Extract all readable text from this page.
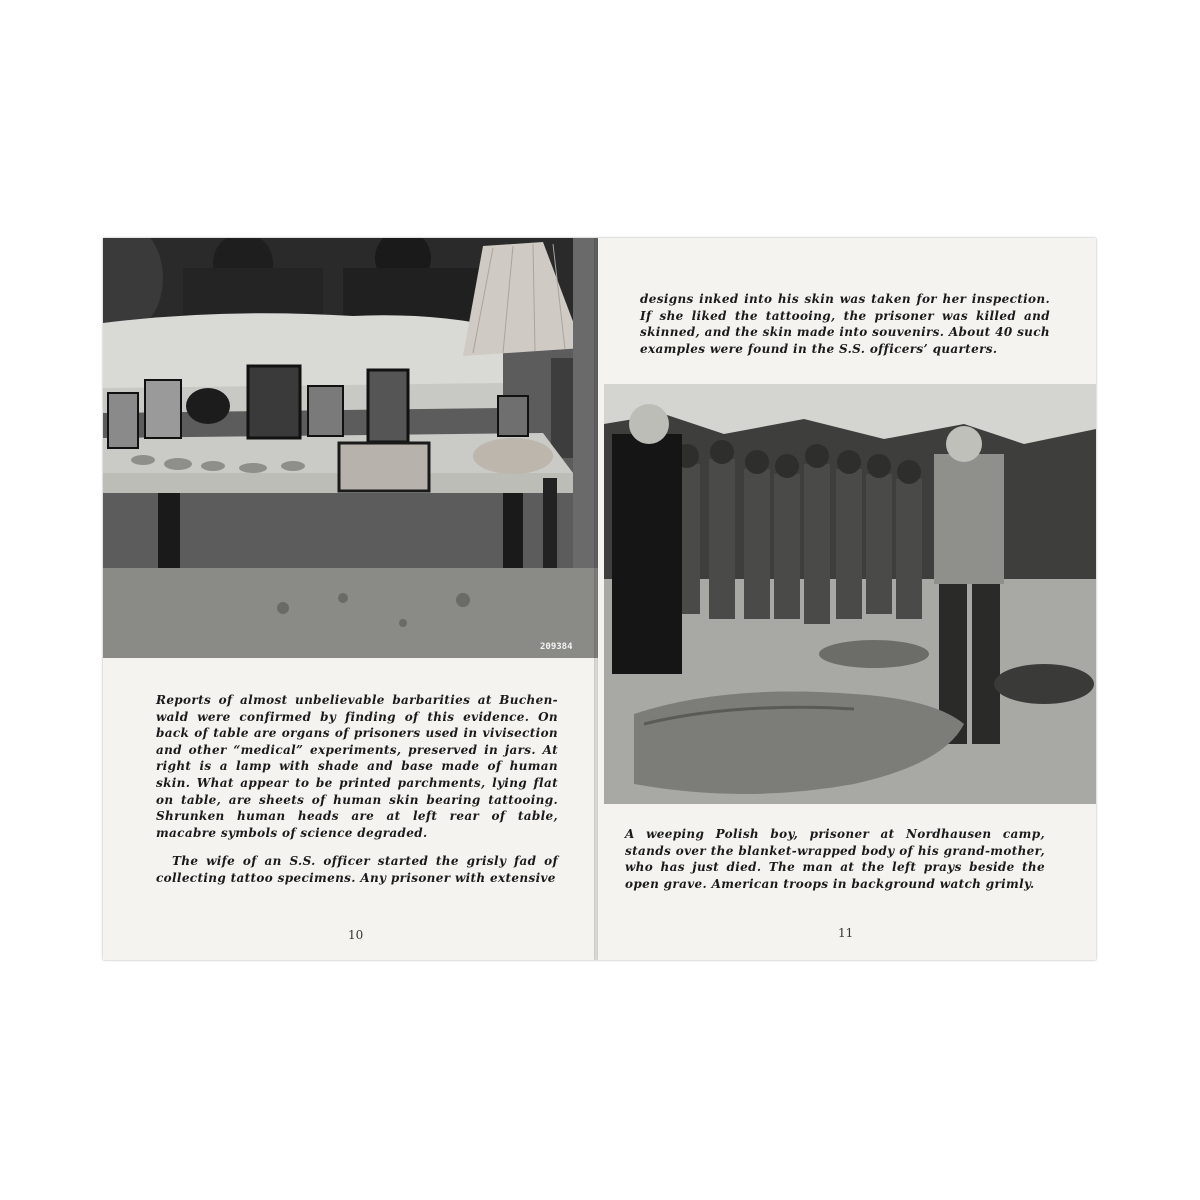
209384

Reports of almost unbelievable barbarities at Buchen-wald were confirmed by finding of this evidence. On back of table are organs of prisoners used in vivisection and other “medical” experiments, preserved in jars. At right is a lamp with shade and base made of human skin. What appear to be printed parchments, lying flat on table, are sheets of human skin bearing tattooing. Shrunken human heads are at left rear of table, macabre symbols of science degraded.

The wife of an S.S. officer started the grisly fad of collecting tattoo specimens. Any prisoner with extensive

10
designs inked into his skin was taken for her inspection. If she liked the tattooing, the prisoner was killed and skinned, and the skin made into souvenirs. About 40 such examples were found in the S.S. officers’ quarters.
A weeping Polish boy, prisoner at Nordhausen camp, stands over the blanket-wrapped body of his grand-mother, who has just died. The man at the left prays beside the open grave. American troops in background watch grimly.
11
